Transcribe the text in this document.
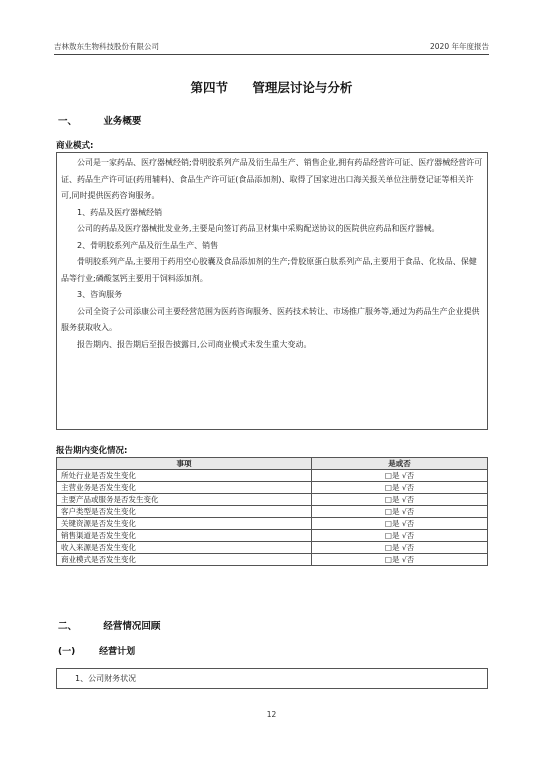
吉林敖东生物科技股份有限公司	2020 年年度报告
第四节 管理层讨论与分析
一、	业务概要
商业模式:

公司是一家药品、医疗器械经销;骨明胶系列产品及衍生品生产、销售企业,拥有药品经营许可证、医疗器械经营许可证、药品生产许可证(药用辅料)、食品生产许可证(食品添加剂)、取得了国家进出口海关报关单位注册登记证等相关许可,同时提供医药咨询服务。

1、药品及医疗器械经销

公司的药品及医疗器械批发业务,主要是向签订药品卫材集中采购配送协议的医院供应药品和医疗器械。

2、骨明胶系列产品及衍生品生产、销售

骨明胶系列产品,主要用于药用空心胶囊及食品添加剂的生产;骨胶原蛋白肽系列产品,主要用于食品、化妆品、保健品等行业;磷酸氢钙主要用于饲料添加剂。

3、咨询服务

公司全资子公司添康公司主要经营范围为医药咨询服务、医药技术转让、市场推广服务等,通过为药品生产企业提供服务获取收入。

报告期内、报告期后至报告披露日,公司商业模式未发生重大变动。

报告期内变化情况:
事项	是或否
所处行业是否发生变化	□是 √否
主营业务是否发生变化	□是 √否
主要产品或服务是否发生变化	□是 √否
客户类型是否发生变化	□是 √否
关键资源是否发生变化	□是 √否
销售渠道是否发生变化	□是 √否
收入来源是否发生变化	□是 √否
商业模式是否发生变化	□是 √否
二、	经营情况回顾
(一)	经营计划
1、公司财务状况
12
